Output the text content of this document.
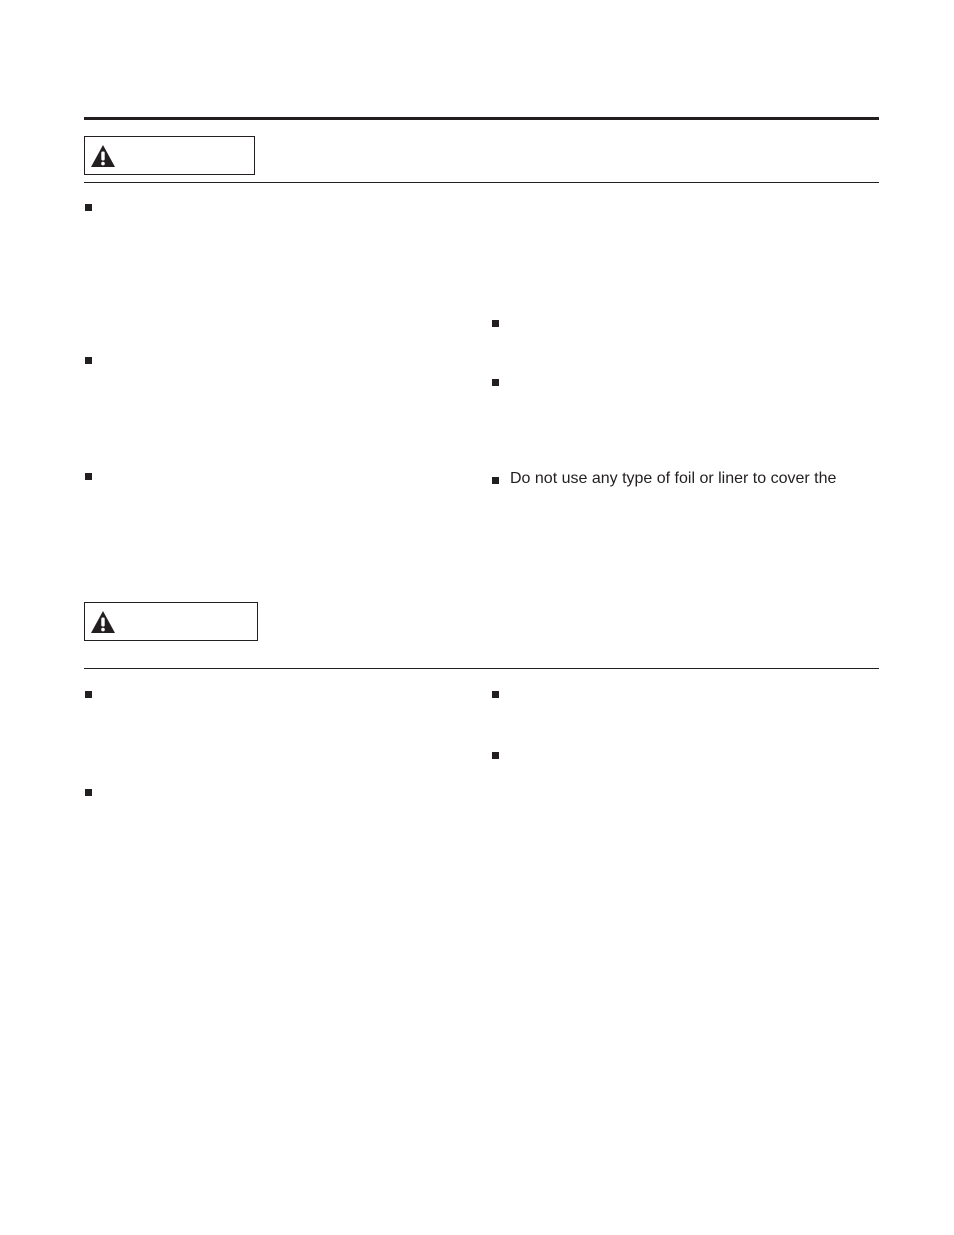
Do not use any type of foil or liner to cover the
